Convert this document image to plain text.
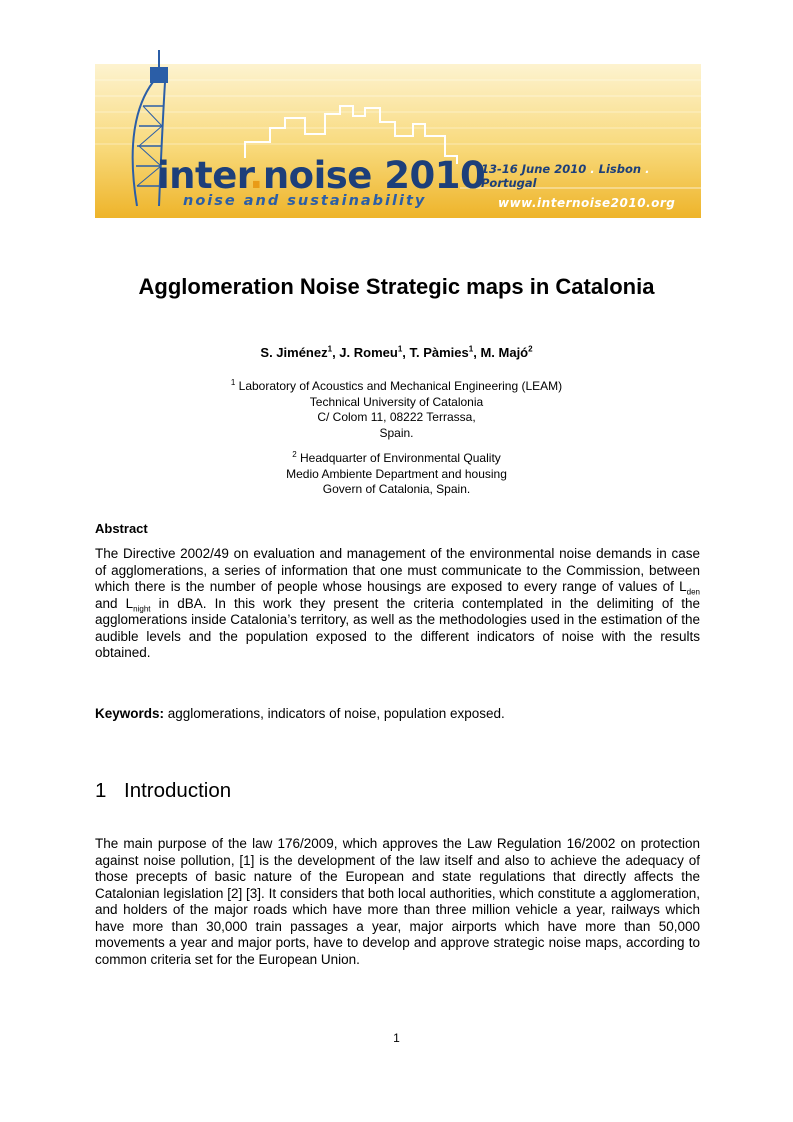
inter.noise 2010
noise and sustainability
13-16 June 2010 . Lisbon . Portugal
www.internoise2010.org
Agglomeration Noise Strategic maps in Catalonia
S. Jiménez$^1$, J. Romeu$^1$, T. Pàmies$^1$, M. Majó$^2$
$^1$ Laboratory of Acoustics and Mechanical Engineering (LEAM)
Technical University of Catalonia
C/ Colom 11, 08222 Terrassa,
Spain.
$^2$ Headquarter of Environmental Quality
Medio Ambiente Department and housing
Govern of Catalonia, Spain.
Abstract
The Directive 2002/49 on evaluation and management of the environmental noise demands in case of agglomerations, a series of information that one must communicate to the Commission, between which there is the number of people whose housings are exposed to every range of values of $L_{den}$ and $L_{night}$ in dBA. In this work they present the criteria contemplated in the delimiting of the agglomerations inside Catalonia’s territory, as well as the methodologies used in the estimation of the audible levels and the population exposed to the different indicators of noise with the results obtained.
Keywords: agglomerations, indicators of noise, population exposed.
1 Introduction
The main purpose of the law 176/2009, which approves the Law Regulation 16/2002 on protection against noise pollution, [1] is the development of the law itself and also to achieve the adequacy of those precepts of basic nature of the European and state regulations that directly affects the Catalonian legislation [2] [3]. It considers that both local authorities, which constitute a agglomeration, and holders of the major roads which have more than three million vehicle a year, railways which have more than 30,000 train passages a year, major airports which have more than 50,000 movements a year and major ports, have to develop and approve strategic noise maps, according to common criteria set for the European Union.
1
